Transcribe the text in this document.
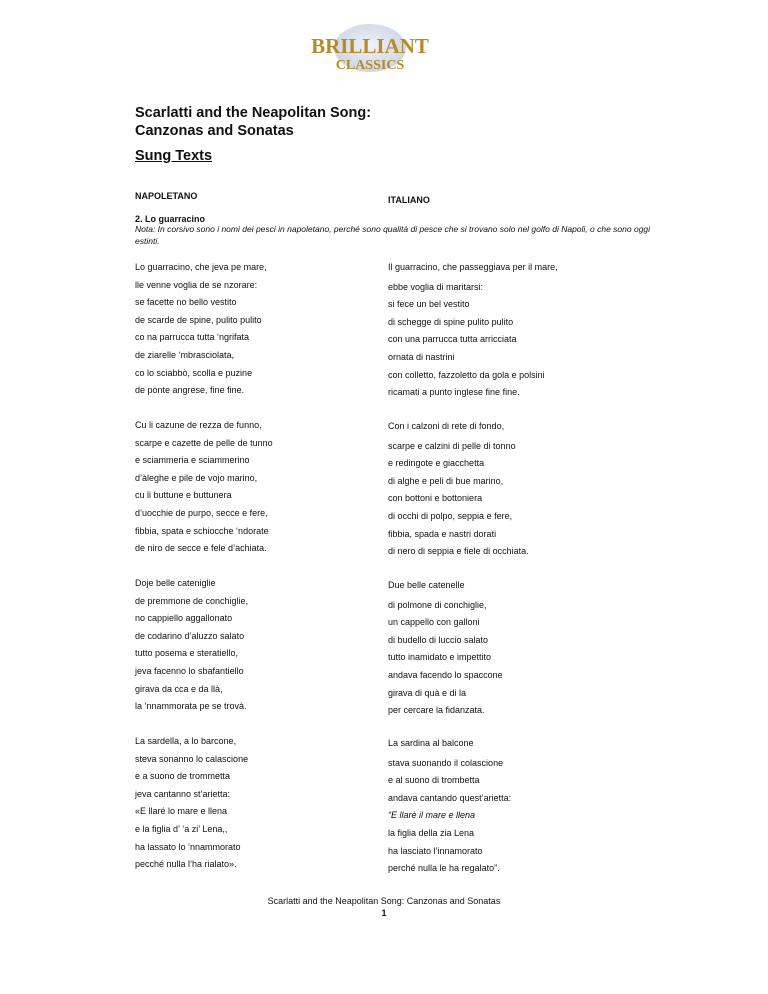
BRILLIANT
CLASSICS
Scarlatti and the Neapolitan Song:
Canzonas and Sonatas
Sung Texts
NAPOLETANO	ITALIANO
2. Lo guarracino
Nota: In corsivo sono i nomi dei pesci in napoletano, perché sono qualità di pesce che si trovano solo nel golfo di Napoli, o che sono oggi estinti.
Lo guarracino, che jeva pe mare,
lle venne voglia de se nzorare:
se facette no bello vestito
de scarde de spine, pulito pulito
co na parrucca tutta ‘ngrifata
de ziarelle ‘mbrasciolata,
co lo sciabbò, scolla e puzine
de ponte angrese, fine fine.
Cu li cazune de rezza de funno,
scarpe e cazette de pelle de tunno
e sciammeria e sciammerino
d’àleghe e pile de vojo marino,
cu li buttune e buttunera
d’uocchie de purpo, secce e fere,
fibbia, spata e schiocche ‘ndorate
de niro de secce e fele d’achiata.
Doje belle cateniglie
de premmone de conchiglie,
no cappiello aggallonato
de codarino d’aluzzo salato
tutto posema e steratiello,
jeva facenno lo sbafantiello
girava da cca e da llà,
la ‘nnammorata pe se trovà.
La sardella, a lo barcone,
steva sonanno lo calascione
e a suono de trommetta
jeva cantanno st’arietta:
«E llaré lo mare e llena
e la figlia d’ ‘a zi’ Lena,,
ha lassato lo ‘nnammorato
pecché nulla l’ha rialato».
Il guarracino, che passeggiava per il mare,
ebbe voglia di maritarsi:
si fece un bel vestito
di schegge di spine pulito pulito
con una parrucca tutta arricciata
ornata di nastrini
con colletto, fazzoletto da gola e polsini
ricamati a punto inglese fine fine.
Con i calzoni di rete di fondo,
scarpe e calzini di pelle di tonno
e redingote e giacchetta
di alghe e peli di bue marino,
con bottoni e bottoniera
di occhi di polpo, seppia e fere,
fibbia, spada e nastri dorati
di nero di seppia e fiele di occhiata.
Due belle catenelle
di polmone di conchiglie,
un cappello con galloni
di budello di luccio salato
tutto inamidato e impettito
andava facendo lo spaccone
girava di quà e di la
per cercare la fidanzata.
La sardina al balcone
stava suonando il colascione
e al suono di trombetta
andava cantando quest’arietta:
“E llarè il mare e llena
la figlia della zia Lena
ha lasciato l’innamorato
perché nulla le ha regalato”.
Scarlatti and the Neapolitan Song: Canzonas and Sonatas
1
